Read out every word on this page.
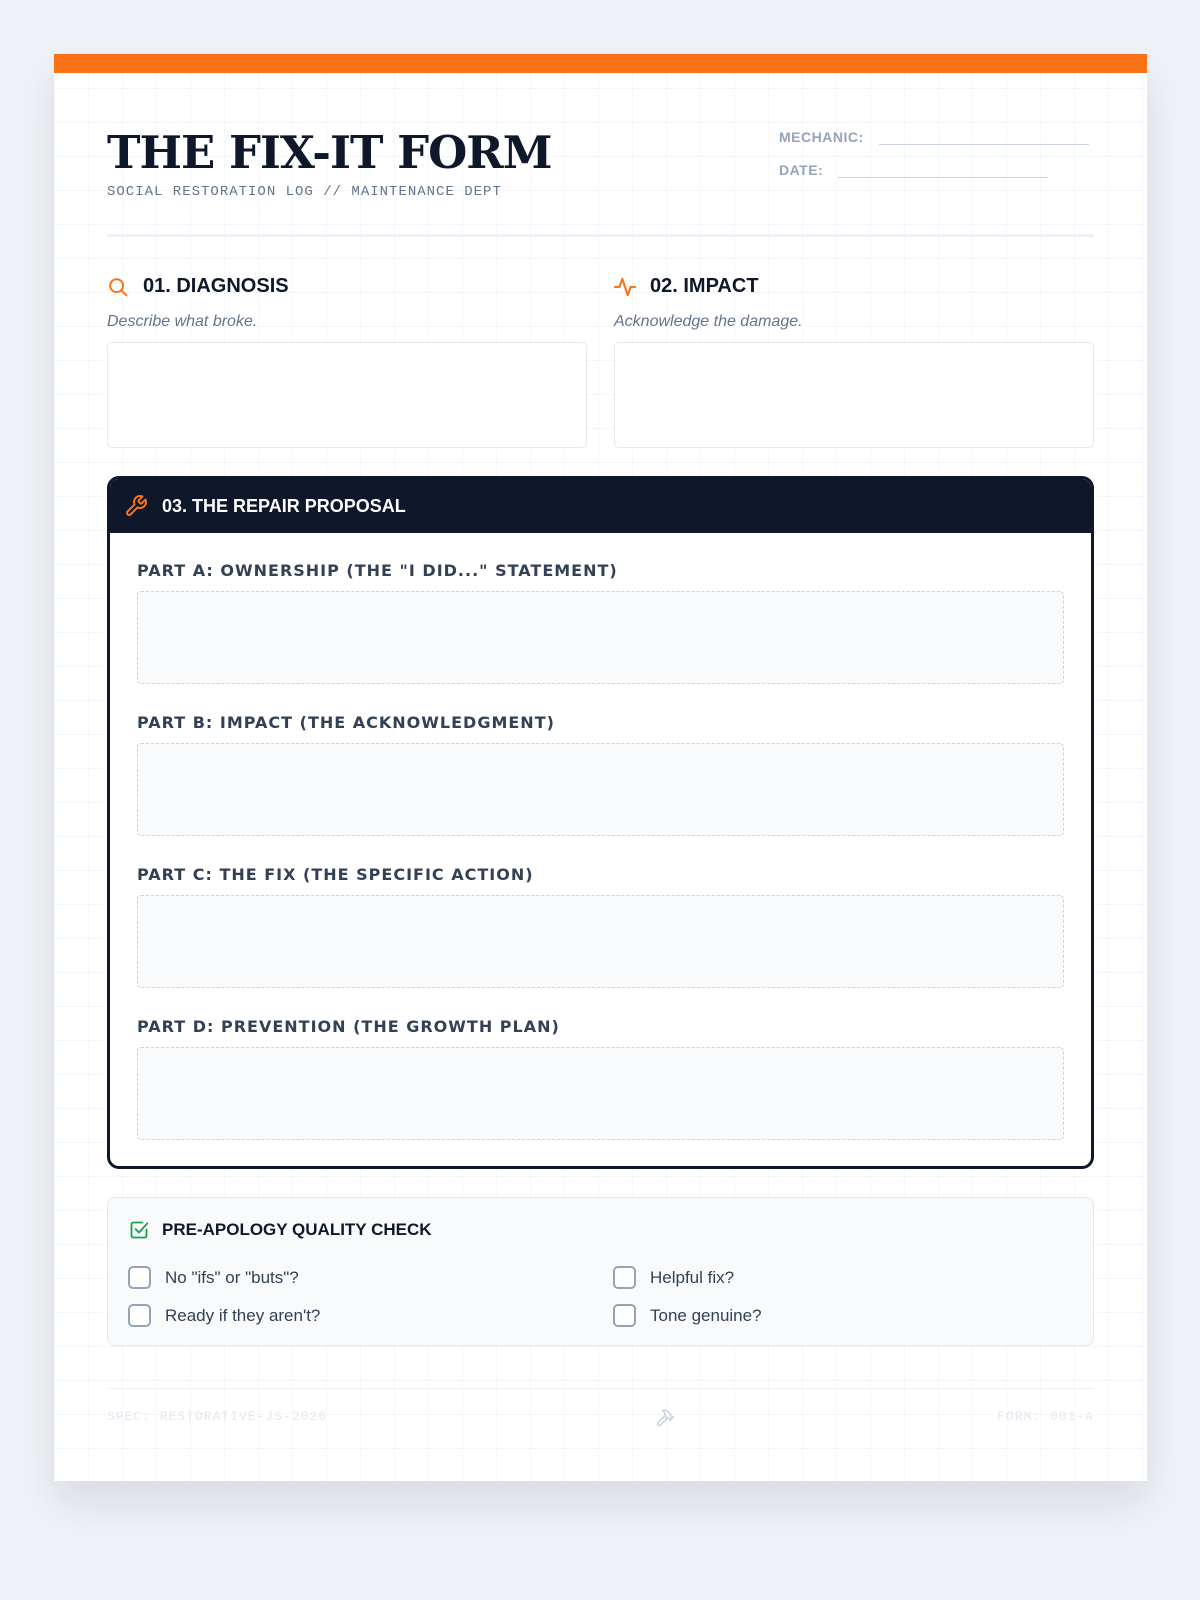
THE FIX-IT FORM
SOCIAL RESTORATION LOG // MAINTENANCE DEPT
MECHANIC:
DATE:
01. DIAGNOSIS
Describe what broke.
02. IMPACT
Acknowledge the damage.
03. THE REPAIR PROPOSAL
PART A: OWNERSHIP (THE "I DID..." STATEMENT)
PART B: IMPACT (THE ACKNOWLEDGMENT)
PART C: THE FIX (THE SPECIFIC ACTION)
PART D: PREVENTION (THE GROWTH PLAN)
PRE-APOLOGY QUALITY CHECK
No "ifs" or "buts"?	Helpful fix?
Ready if they aren't?	Tone genuine?
SPEC: RESTORATIVE-JS-2026	FORM: 001-A
